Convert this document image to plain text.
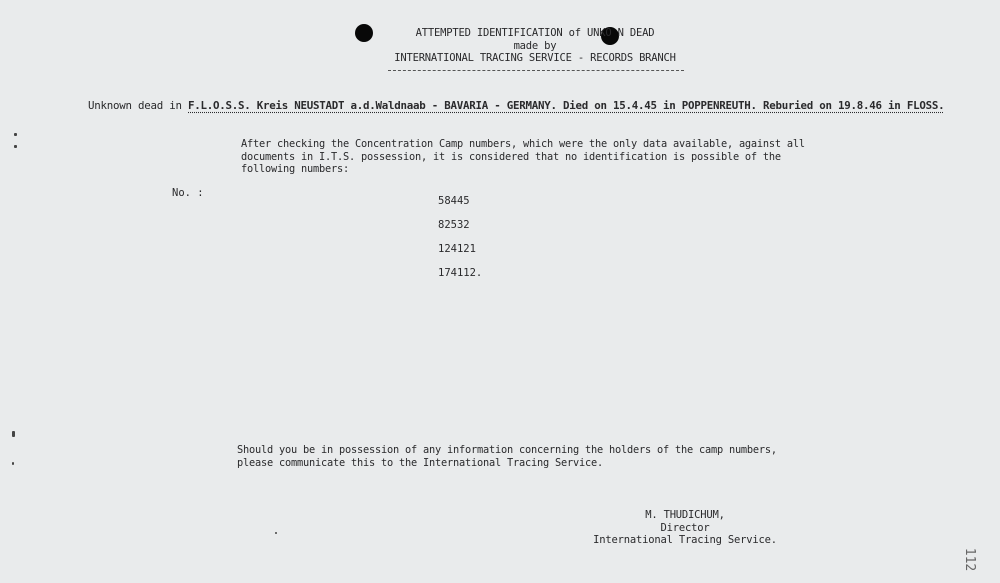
ATTEMPTED IDENTIFICATION of UNKO N DEAD
made by
INTERNATIONAL TRACING SERVICE - RECORDS BRANCH
Unknown dead in F.L.O.S.S. Kreis NEUSTADT a.d.Waldnaab - BAVARIA - GERMANY. Died on 15.4.45 in POPPENREUTH. Reburied on 19.8.46 in FLOSS.
After checking the Concentration Camp numbers, which were the only data available, against all
documents in I.T.S. possession, it is considered that no identification is possible of the
following numbers:
No. :
58445
82532
124121
174112.
Should you be in possession of any information concerning the holders of the camp numbers,
please communicate this to the International Tracing Service.
M. THUDICHUM,
Director
International Tracing Service.
112
